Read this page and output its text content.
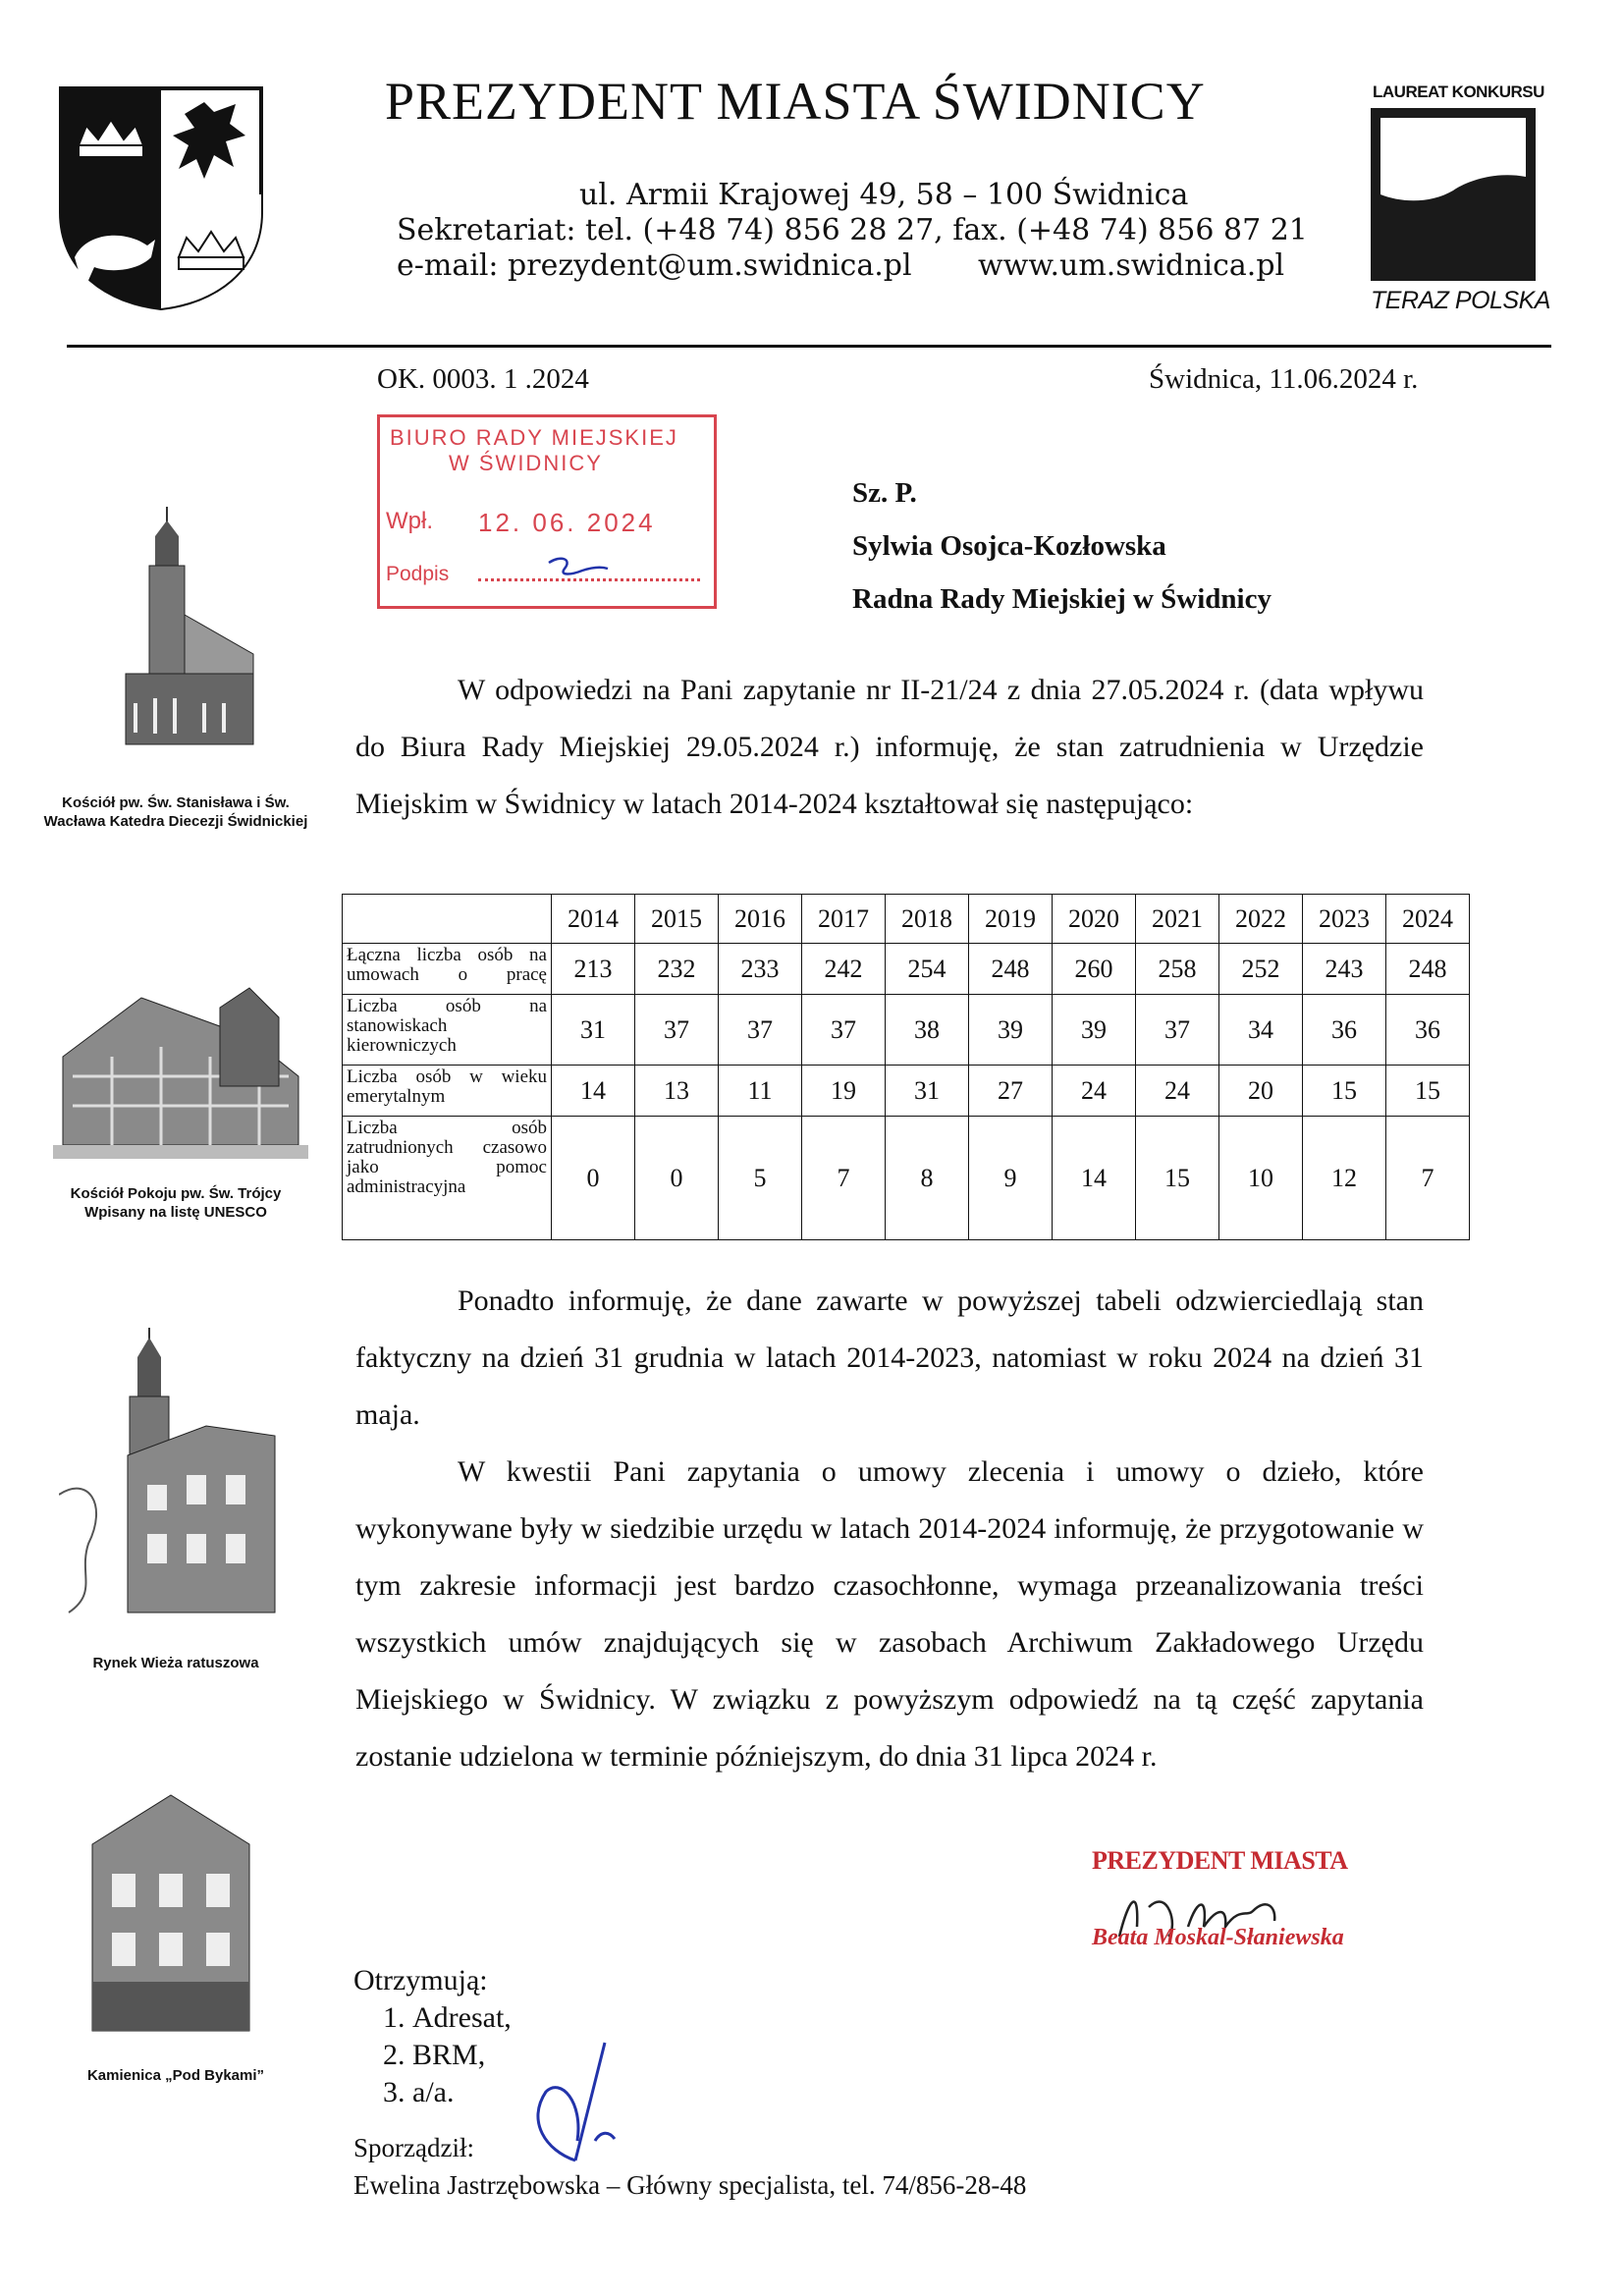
PREZYDENT MIASTA ŚWIDNICY
ul. Armii Krajowej 49, 58 – 100 Świdnica
Sekretariat: tel. (+48 74) 856 28 27, fax. (+48 74) 856 87 21
e-mail: prezydent@um.swidnica.pl www.um.swidnica.pl
LAUREAT KONKURSU
TERAZ POLSKA
OK. 0003. 1 .2024	Świdnica, 11.06.2024 r.
BIURO RADY MIEJSKIEJ
W ŚWIDNICY
Wpł. 12. 06. 2024
Podpis
Sz. P.
Sylwia Osojca-Kozłowska
Radna Rady Miejskiej w Świdnicy
Kościół pw. Św. Stanisława i Św. Wacława Katedra Diecezji Świdnickiej
Kościół Pokoju pw. Św. Trójcy Wpisany na listę UNESCO
Rynek Wieża ratuszowa
Kamienica „Pod Bykami”

W odpowiedzi na Pani zapytanie nr II-21/24 z dnia 27.05.2024 r. (data wpływu do Biura Rady Miejskiej 29.05.2024 r.) informuję, że stan zatrudnienia w Urzędzie Miejskim w Świdnicy w latach 2014-2024 kształtował się następująco:

	2014	2015	2016	2017	2018	2019	2020	2021	2022	2023	2024
Łączna liczba osób na umowach o pracę	213	232	233	242	254	248	260	258	252	243	248
Liczba osób na stanowiskach kierowniczych	31	37	37	37	38	39	39	37	34	36	36
Liczba osób w wieku emerytalnym	14	13	11	19	31	27	24	24	20	15	15
Liczba osób zatrudnionych czasowo jako pomoc administracyjna	0	0	5	7	8	9	14	15	10	12	7

Ponadto informuję, że dane zawarte w powyższej tabeli odzwierciedlają stan faktyczny na dzień 31 grudnia w latach 2014-2023, natomiast w roku 2024 na dzień 31 maja.

W kwestii Pani zapytania o umowy zlecenia i umowy o dzieło, które wykonywane były w siedzibie urzędu w latach 2014-2024 informuję, że przygotowanie w tym zakresie informacji jest bardzo czasochłonne, wymaga przeanalizowania treści wszystkich umów znajdujących się w zasobach Archiwum Zakładowego Urzędu Miejskiego w Świdnicy. W związku z powyższym odpowiedź na tą część zapytania zostanie udzielona w terminie późniejszym, do dnia 31 lipca 2024 r.

PREZYDENT MIASTA
Beata Moskal-Słaniewska
Otrzymują:
1. Adresat,
2. BRM,
3. a/a.
Sporządził:
Ewelina Jastrzębowska – Główny specjalista, tel. 74/856-28-48
